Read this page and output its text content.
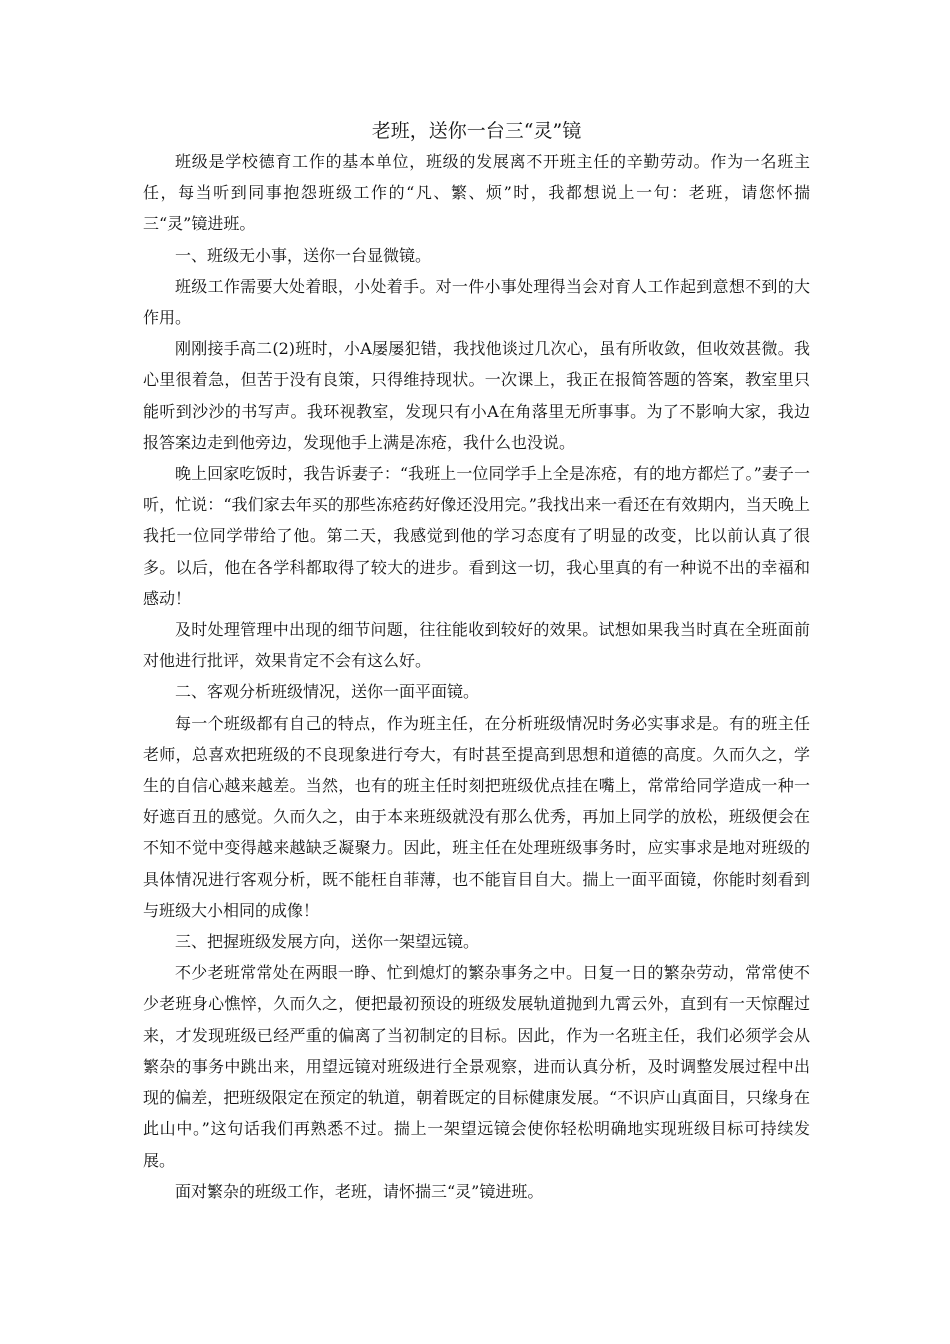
老班，送你一台三“灵”镜

班级是学校德育工作的基本单位，班级的发展离不开班主任的辛勤劳动。作为一名班主任，每当听到同事抱怨班级工作的“凡、繁、烦”时，我都想说上一句：老班，请您怀揣三“灵”镜进班。

一、班级无小事，送你一台显微镜。

班级工作需要大处着眼，小处着手。对一件小事处理得当会对育人工作起到意想不到的大作用。

刚刚接手高二(2)班时，小A屡屡犯错，我找他谈过几次心，虽有所收敛，但收效甚微。我心里很着急，但苦于没有良策，只得维持现状。一次课上，我正在报简答题的答案，教室里只能听到沙沙的书写声。我环视教室，发现只有小A在角落里无所事事。为了不影响大家，我边报答案边走到他旁边，发现他手上满是冻疮，我什么也没说。

晚上回家吃饭时，我告诉妻子：“我班上一位同学手上全是冻疮，有的地方都烂了。”妻子一听，忙说：“我们家去年买的那些冻疮药好像还没用完。”我找出来一看还在有效期内，当天晚上我托一位同学带给了他。第二天，我感觉到他的学习态度有了明显的改变，比以前认真了很多。以后，他在各学科都取得了较大的进步。看到这一切，我心里真的有一种说不出的幸福和感动！

及时处理管理中出现的细节问题，往往能收到较好的效果。试想如果我当时真在全班面前对他进行批评，效果肯定不会有这么好。

二、客观分析班级情况，送你一面平面镜。

每一个班级都有自己的特点，作为班主任，在分析班级情况时务必实事求是。有的班主任老师，总喜欢把班级的不良现象进行夸大，有时甚至提高到思想和道德的高度。久而久之，学生的自信心越来越差。当然，也有的班主任时刻把班级优点挂在嘴上，常常给同学造成一种一好遮百丑的感觉。久而久之，由于本来班级就没有那么优秀，再加上同学的放松，班级便会在不知不觉中变得越来越缺乏凝聚力。因此，班主任在处理班级事务时，应实事求是地对班级的具体情况进行客观分析，既不能枉自菲薄，也不能盲目自大。揣上一面平面镜，你能时刻看到与班级大小相同的成像！

三、把握班级发展方向，送你一架望远镜。

不少老班常常处在两眼一睁、忙到熄灯的繁杂事务之中。日复一日的繁杂劳动，常常使不少老班身心憔悴，久而久之，便把最初预设的班级发展轨道抛到九霄云外，直到有一天惊醒过来，才发现班级已经严重的偏离了当初制定的目标。因此，作为一名班主任，我们必须学会从繁杂的事务中跳出来，用望远镜对班级进行全景观察，进而认真分析，及时调整发展过程中出现的偏差，把班级限定在预定的轨道，朝着既定的目标健康发展。“不识庐山真面目，只缘身在此山中。”这句话我们再熟悉不过。揣上一架望远镜会使你轻松明确地实现班级目标可持续发展。

面对繁杂的班级工作，老班，请怀揣三“灵”镜进班。
